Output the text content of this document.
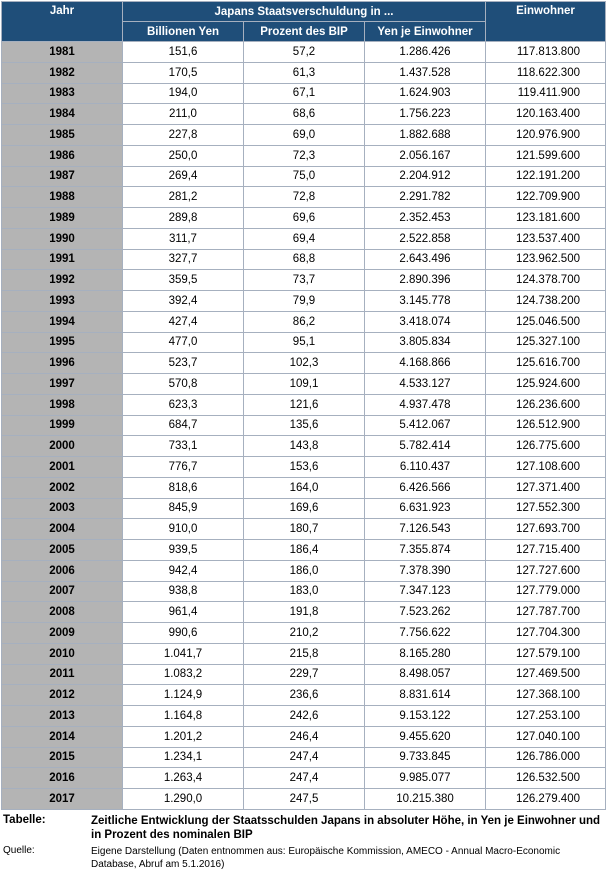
Jahr	Japans Staatsverschuldung in ...			Einwohner
	Billionen Yen	Prozent des BIP	Yen je Einwohner	
1981	151,6	57,2	1.286.426	117.813.800
1982	170,5	61,3	1.437.528	118.622.300
1983	194,0	67,1	1.624.903	119.411.900
1984	211,0	68,6	1.756.223	120.163.400
1985	227,8	69,0	1.882.688	120.976.900
1986	250,0	72,3	2.056.167	121.599.600
1987	269,4	75,0	2.204.912	122.191.200
1988	281,2	72,8	2.291.782	122.709.900
1989	289,8	69,6	2.352.453	123.181.600
1990	311,7	69,4	2.522.858	123.537.400
1991	327,7	68,8	2.643.496	123.962.500
1992	359,5	73,7	2.890.396	124.378.700
1993	392,4	79,9	3.145.778	124.738.200
1994	427,4	86,2	3.418.074	125.046.500
1995	477,0	95,1	3.805.834	125.327.100
1996	523,7	102,3	4.168.866	125.616.700
1997	570,8	109,1	4.533.127	125.924.600
1998	623,3	121,6	4.937.478	126.236.600
1999	684,7	135,6	5.412.067	126.512.900
2000	733,1	143,8	5.782.414	126.775.600
2001	776,7	153,6	6.110.437	127.108.600
2002	818,6	164,0	6.426.566	127.371.400
2003	845,9	169,6	6.631.923	127.552.300
2004	910,0	180,7	7.126.543	127.693.700
2005	939,5	186,4	7.355.874	127.715.400
2006	942,4	186,0	7.378.390	127.727.600
2007	938,8	183,0	7.347.123	127.779.000
2008	961,4	191,8	7.523.262	127.787.700
2009	990,6	210,2	7.756.622	127.704.300
2010	1.041,7	215,8	8.165.280	127.579.100
2011	1.083,2	229,7	8.498.057	127.469.500
2012	1.124,9	236,6	8.831.614	127.368.100
2013	1.164,8	242,6	9.153.122	127.253.100
2014	1.201,2	246,4	9.455.620	127.040.100
2015	1.234,1	247,4	9.733.845	126.786.000
2016	1.263,4	247,4	9.985.077	126.532.500
2017	1.290,0	247,5	10.215.380	126.279.400
Tabelle:	Zeitliche Entwicklung der Staatsschulden Japans in absoluter Höhe, in Yen je Einwohner und in Prozent des nominalen BIP
Quelle:	Eigene Darstellung (Daten entnommen aus: Europäische Kommission, AMECO - Annual Macro-Economic Database, Abruf am 5.1.2016)
